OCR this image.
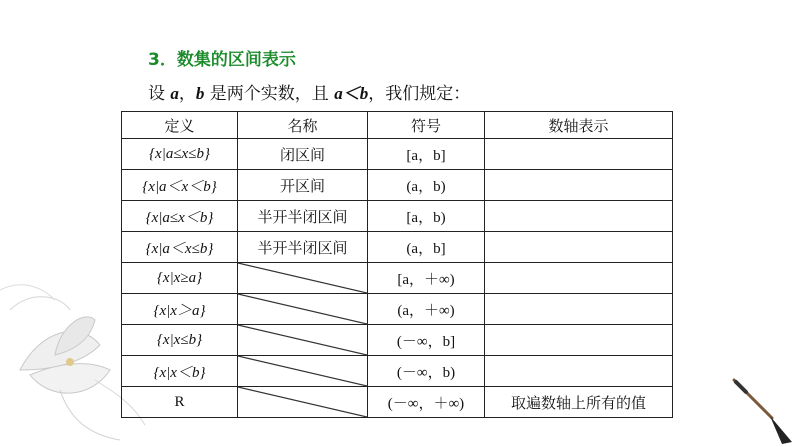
3．数集的区间表示
设 a，b 是两个实数，且 a＜b，我们规定：
定义	名称	符号	数轴表示
{x|a≤x≤b}	闭区间	[a，b]	
{x|a＜x＜b}	开区间	(a，b)	
{x|a≤x＜b}	半开半闭区间	[a，b)	
{x|a＜x≤b}	半开半闭区间	(a，b]	
{x|x≥a}		[a，＋∞)	
{x|x＞a}		(a，＋∞)	
{x|x≤b}		(－∞，b]	
{x|x＜b}		(－∞，b)	
R		(－∞，＋∞)	取遍数轴上所有的值
